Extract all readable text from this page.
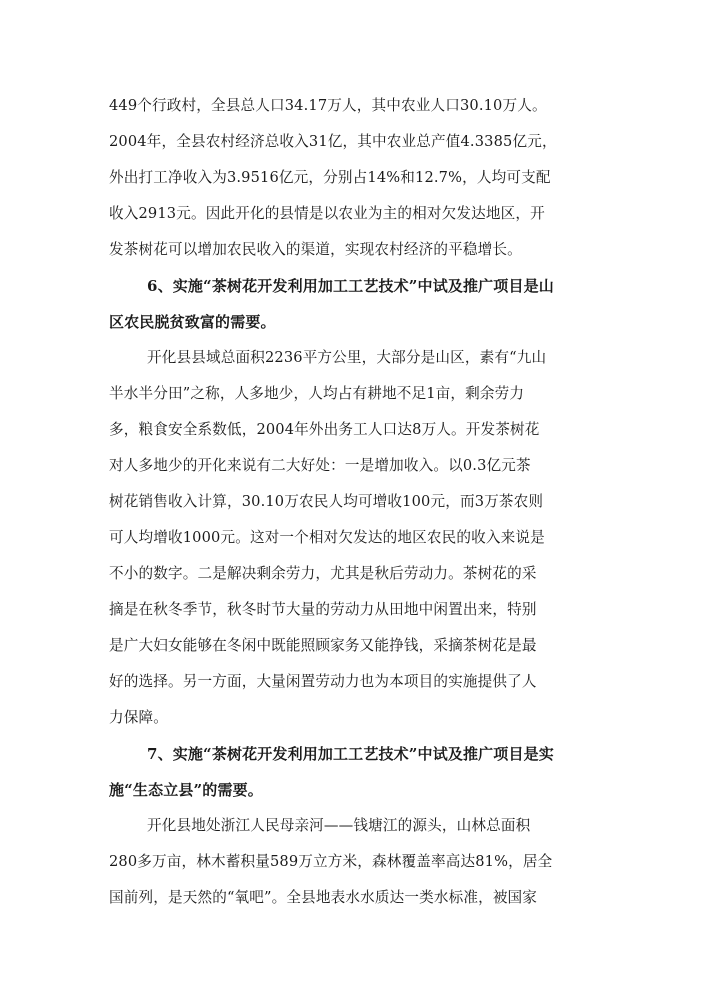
449个行政村，全县总人口34.17万人，其中农业人口30.10万人。
2004年，全县农村经济总收入31亿，其中农业总产值4.3385亿元，
外出打工净收入为3.9516亿元，分别占14%和12.7%，人均可支配
收入2913元。因此开化的县情是以农业为主的相对欠发达地区，开
发茶树花可以增加农民收入的渠道，实现农村经济的平稳增长。
6、实施“茶树花开发利用加工工艺技术”中试及推广项目是山
区农民脱贫致富的需要。
开化县县域总面积2236平方公里，大部分是山区，素有“九山
半水半分田”之称，人多地少，人均占有耕地不足1亩，剩余劳力
多，粮食安全系数低，2004年外出务工人口达8万人。开发茶树花
对人多地少的开化来说有二大好处：一是增加收入。以0.3亿元茶
树花销售收入计算，30.10万农民人均可增收100元，而3万茶农则
可人均增收1000元。这对一个相对欠发达的地区农民的收入来说是
不小的数字。二是解决剩余劳力，尤其是秋后劳动力。茶树花的采
摘是在秋冬季节，秋冬时节大量的劳动力从田地中闲置出来，特别
是广大妇女能够在冬闲中既能照顾家务又能挣钱，采摘茶树花是最
好的选择。另一方面，大量闲置劳动力也为本项目的实施提供了人
力保障。
7、实施“茶树花开发利用加工工艺技术”中试及推广项目是实
施“生态立县”的需要。
开化县地处浙江人民母亲河——钱塘江的源头，山林总面积
280多万亩，林木蓄积量589万立方米，森林覆盖率高达81%，居全
国前列，是天然的“氧吧”。全县地表水水质达一类水标准，被国家
